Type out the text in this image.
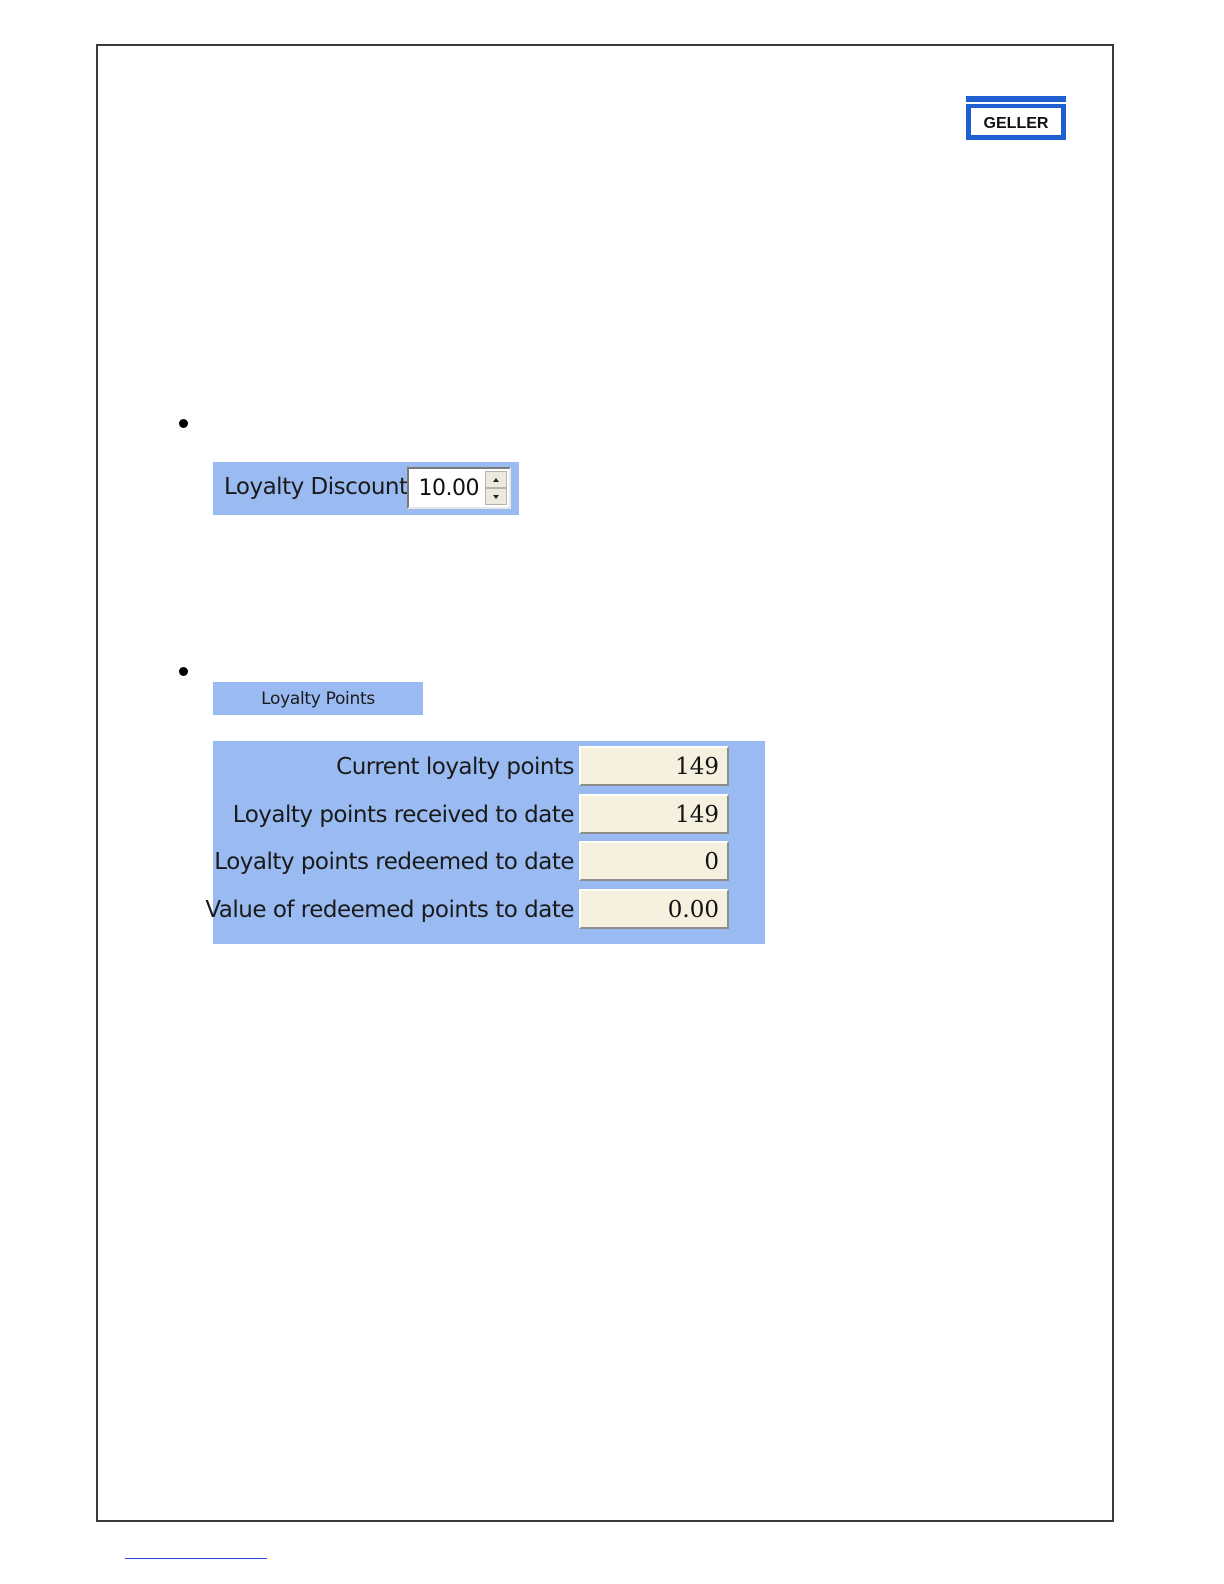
GELLER
Loyalty Discount 10.00
Loyalty Points
Current loyalty points	149
Loyalty points received to date	149
Loyalty points redeemed to date	0
Value of redeemed points to date	0.00
